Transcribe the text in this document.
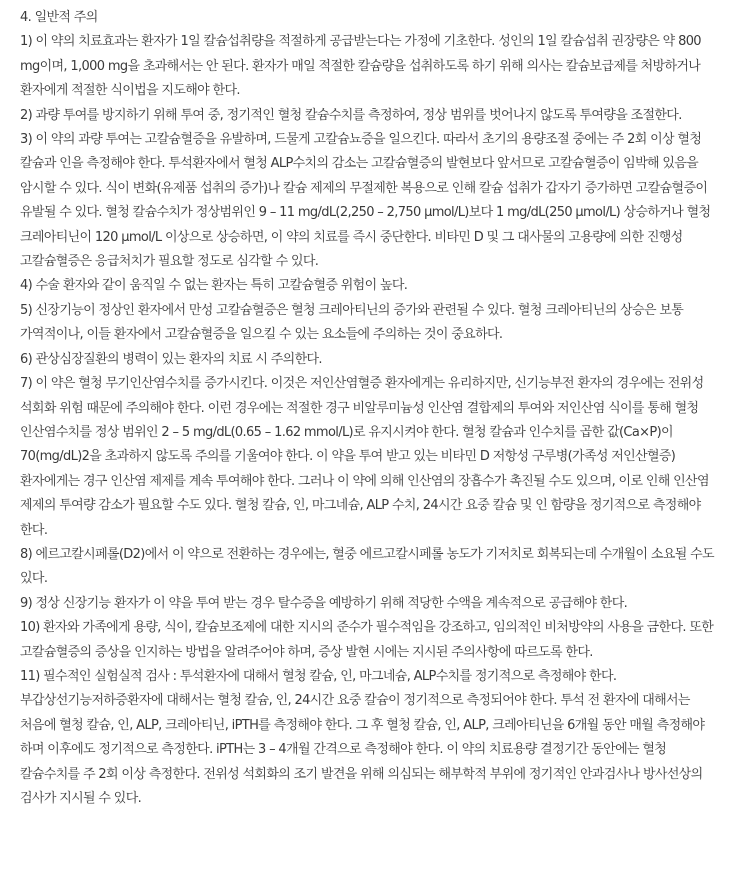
4. 일반적 주의

1) 이 약의 치료효과는 환자가 1일 칼슘섭취량을 적절하게 공급받는다는 가정에 기초한다. 성인의 1일 칼슘섭취 권장량은 약 800 mg이며, 1,000 mg을 초과해서는 안 된다. 환자가 매일 적절한 칼슘량을 섭취하도록 하기 위해 의사는 칼슘보급제를 처방하거나 환자에게 적절한 식이법을 지도해야 한다.

2) 과량 투여를 방지하기 위해 투여 중, 정기적인 혈청 칼슘수치를 측정하여, 정상 범위를 벗어나지 않도록 투여량을 조절한다.

3) 이 약의 과량 투여는 고칼슘혈증을 유발하며, 드물게 고칼슘뇨증을 일으킨다. 따라서 초기의 용량조절 중에는 주 2회 이상 혈청 칼슘과 인을 측정해야 한다. 투석환자에서 혈청 ALP수치의 감소는 고칼슘혈증의 발현보다 앞서므로 고칼슘혈증이 임박해 있음을 암시할 수 있다. 식이 변화(유제품 섭취의 증가)나 칼슘 제제의 무절제한 복용으로 인해 칼슘 섭취가 갑자기 증가하면 고칼슘혈증이 유발될 수 있다. 혈청 칼슘수치가 정상범위인 9 – 11 mg/dL(2,250 – 2,750 μmol/L)보다 1 mg/dL(250 μmol/L) 상승하거나 혈청 크레아티닌이 120 μmol/L 이상으로 상승하면, 이 약의 치료를 즉시 중단한다. 비타민 D 및 그 대사물의 고용량에 의한 진행성 고칼슘혈증은 응급처치가 필요할 정도로 심각할 수 있다.

4) 수술 환자와 같이 움직일 수 없는 환자는 특히 고칼슘혈증 위험이 높다.

5) 신장기능이 정상인 환자에서 만성 고칼슘혈증은 혈청 크레아티닌의 증가와 관련될 수 있다. 혈청 크레아티닌의 상승은 보통 가역적이나, 이들 환자에서 고칼슘혈증을 일으킬 수 있는 요소들에 주의하는 것이 중요하다.

6) 관상심장질환의 병력이 있는 환자의 치료 시 주의한다.

7) 이 약은 혈청 무기인산염수치를 증가시킨다. 이것은 저인산염혈증 환자에게는 유리하지만, 신기능부전 환자의 경우에는 전위성 석회화 위험 때문에 주의해야 한다. 이런 경우에는 적절한 경구 비알루미늄성 인산염 결합제의 투여와 저인산염 식이를 통해 혈청 인산염수치를 정상 범위인 2 – 5 mg/dL(0.65 – 1.62 mmol/L)로 유지시켜야 한다. 혈청 칼슘과 인수치를 곱한 값(Ca×P)이 70(mg/dL)2을 초과하지 않도록 주의를 기울여야 한다. 이 약을 투여 받고 있는 비타민 D 저항성 구루병(가족성 저인산혈증) 환자에게는 경구 인산염 제제를 계속 투여해야 한다. 그러나 이 약에 의해 인산염의 장흡수가 촉진될 수도 있으며, 이로 인해 인산염 제제의 투여량 감소가 필요할 수도 있다. 혈청 칼슘, 인, 마그네슘, ALP 수치, 24시간 요중 칼슘 및 인 함량을 정기적으로 측정해야 한다.

8) 에르고칼시페롤(D2)에서 이 약으로 전환하는 경우에는, 혈중 에르고칼시페롤 농도가 기저치로 회복되는데 수개월이 소요될 수도 있다.

9) 정상 신장기능 환자가 이 약을 투여 받는 경우 탈수증을 예방하기 위해 적당한 수액을 계속적으로 공급해야 한다.

10) 환자와 가족에게 용량, 식이, 칼슘보조제에 대한 지시의 준수가 필수적임을 강조하고, 임의적인 비처방약의 사용을 금한다. 또한 고칼슘혈증의 증상을 인지하는 방법을 알려주어야 하며, 증상 발현 시에는 지시된 주의사항에 따르도록 한다.

11) 필수적인 실험실적 검사 : 투석환자에 대해서 혈청 칼슘, 인, 마그네슘, ALP수치를 정기적으로 측정해야 한다. 부갑상선기능저하증환자에 대해서는 혈청 칼슘, 인, 24시간 요중 칼슘이 정기적으로 측정되어야 한다. 투석 전 환자에 대해서는 처음에 혈청 칼슘, 인, ALP, 크레아티닌, iPTH를 측정해야 한다. 그 후 혈청 칼슘, 인, ALP, 크레아티닌을 6개월 동안 매월 측정해야 하며 이후에도 정기적으로 측정한다. iPTH는 3 – 4개월 간격으로 측정해야 한다. 이 약의 치료용량 결정기간 동안에는 혈청 칼슘수치를 주 2회 이상 측정한다. 전위성 석회화의 조기 발견을 위해 의심되는 해부학적 부위에 정기적인 안과검사나 방사선상의 검사가 지시될 수 있다.
